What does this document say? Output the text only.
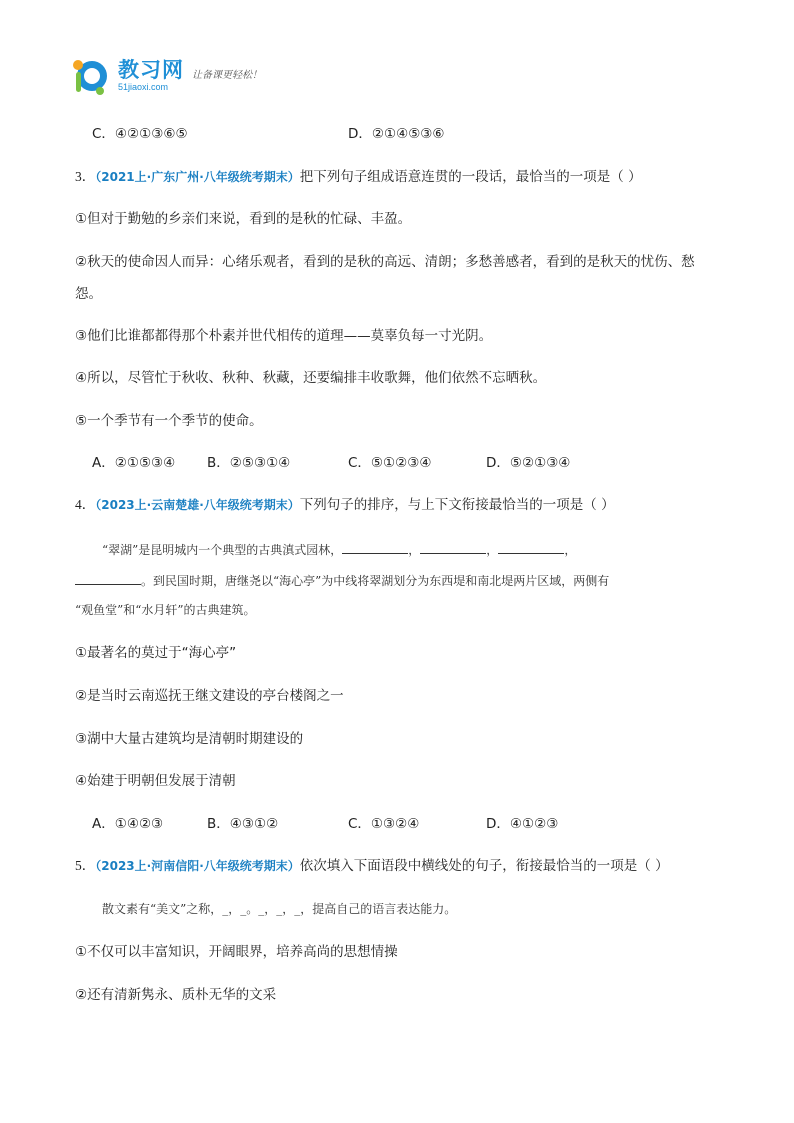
教习网
51jiaoxi.com
让备课更轻松！
C．④②①③⑥⑤	D．②①④⑤③⑥
3．（2021上·广东广州·八年级统考期末）把下列句子组成语意连贯的一段话，最恰当的一项是（ ）
①但对于勤勉的乡亲们来说，看到的是秋的忙碌、丰盈。
②秋天的使命因人而异：心绪乐观者，看到的是秋的高远、清朗；多愁善感者，看到的是秋天的忧伤、愁
怨。
③他们比谁都都得那个朴素并世代相传的道理——莫辜负每一寸光阴。
④所以，尽管忙于秋收、秋种、秋藏，还要编排丰收歌舞，他们依然不忘晒秋。
⑤一个季节有一个季节的使命。
A．②①⑤③④ B．②⑤③①④	C．⑤①②③④	D．⑤②①③④
4．（2023上·云南楚雄·八年级统考期末）下列句子的排序，与上下文衔接最恰当的一项是（ ）
“翠湖”是昆明城内一个典型的古典滇式园林，	，	，	，
。到民国时期，唐继尧以“海心亭”为中线将翠湖划分为东西堤和南北堤两片区域，两侧有
“观鱼堂”和“水月轩”的古典建筑。
①最著名的莫过于“海心亭”
②是当时云南巡抚王继文建设的亭台楼阁之一
③湖中大量古建筑均是清朝时期建设的
④始建于明朝但发展于清朝
A．①④②③	B．④③①②	C．①③②④	D．④①②③
5．（2023上·河南信阳·八年级统考期末）依次填入下面语段中横线处的句子，衔接最恰当的一项是（ ）
散文素有“美文”之称，_，_。_，_，_，提高自己的语言表达能力。
①不仅可以丰富知识，开阔眼界，培养高尚的思想情操
②还有清新隽永、质朴无华的文采
